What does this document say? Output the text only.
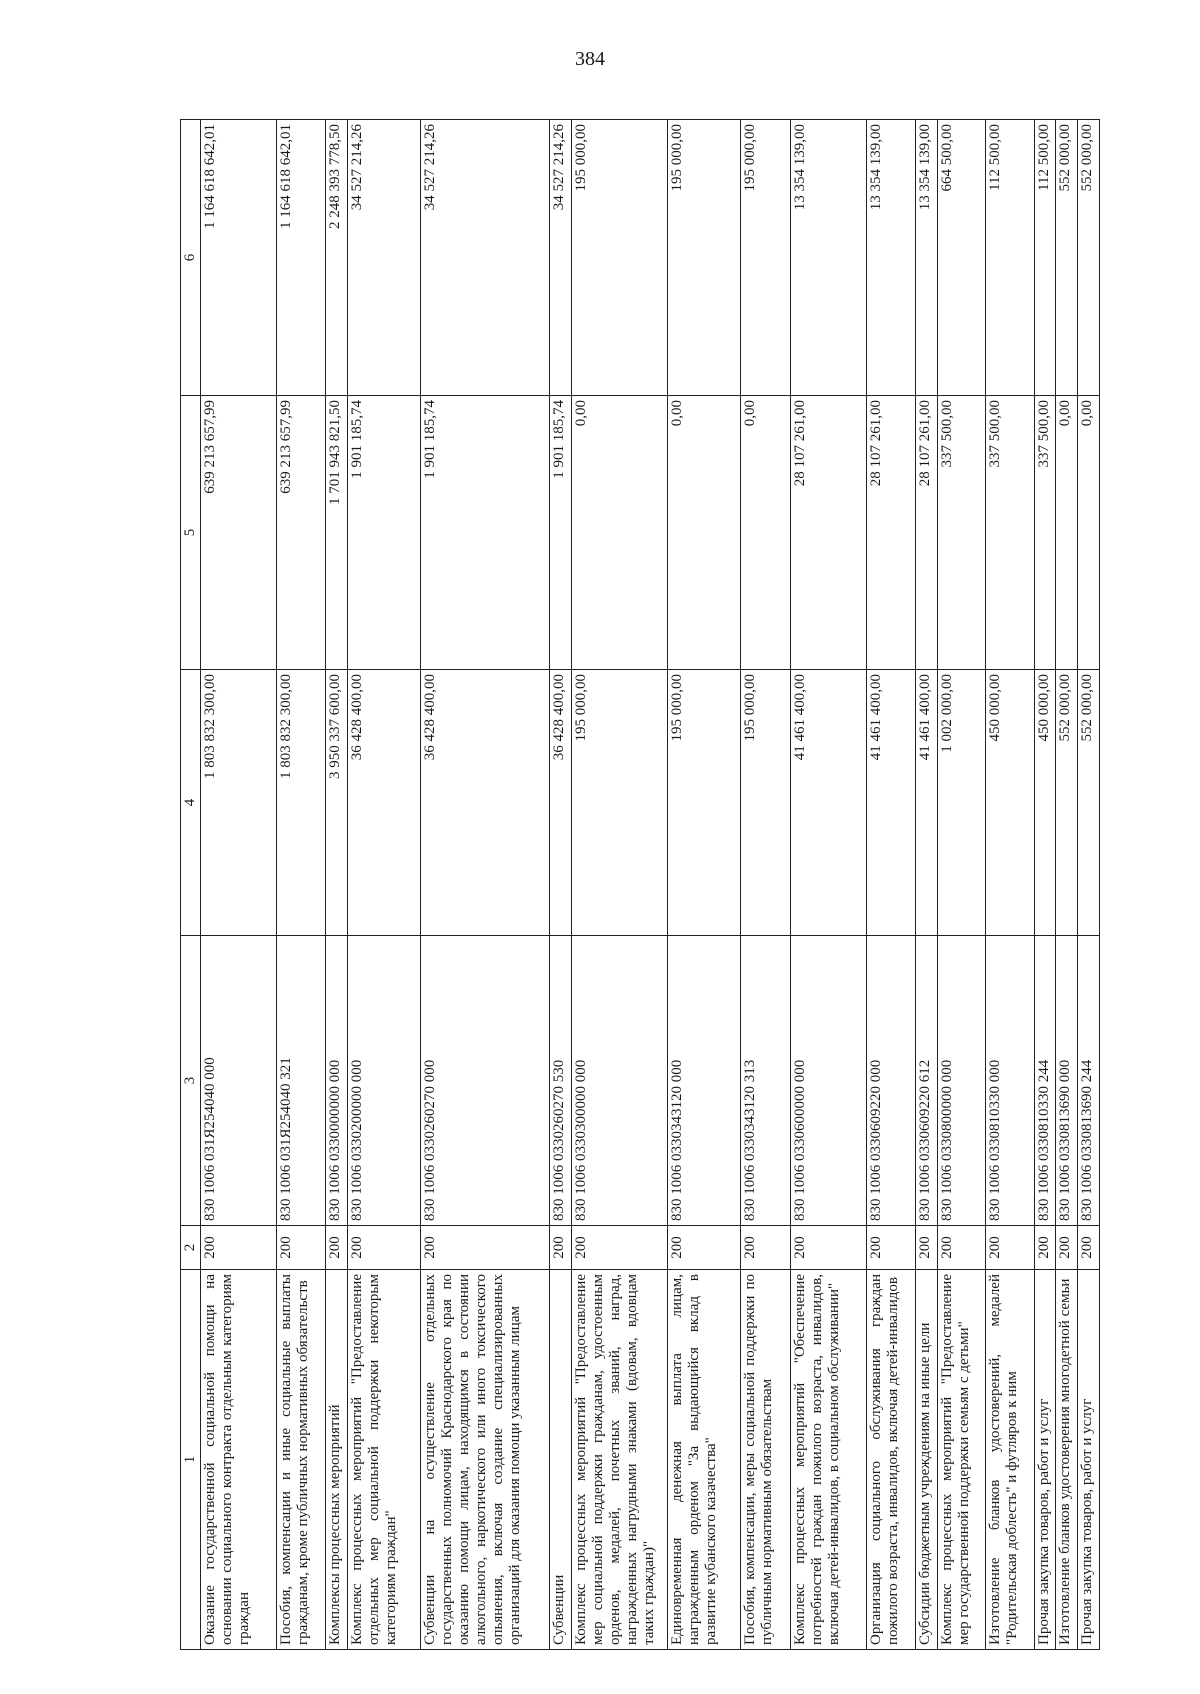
384
1	2	3	4	5	6
Оказание государственной социальной помощи на основании социального контракта отдельным категориям граждан	200	830 1006 031Я254040 000	1 803 832 300,00	639 213 657,99	1 164 618 642,01
Пособия, компенсации и иные социальные выплаты гражданам, кроме публичных нормативных обязательств	200	830 1006 031Я254040 321	1 803 832 300,00	639 213 657,99	1 164 618 642,01
Комплексы процессных мероприятий	200	830 1006 0330000000 000	3 950 337 600,00	1 701 943 821,50	2 248 393 778,50
Комплекс процессных мероприятий "Предоставление отдельных мер социальной поддержки некоторым категориям граждан"	200	830 1006 0330200000 000	36 428 400,00	1 901 185,74	34 527 214,26
Субвенции на осуществление отдельных государственных полномочий Краснодарского края по оказанию помощи лицам, находящимся в состоянии алкогольного, наркотического или иного токсического опьянения, включая создание специализированных организаций для оказания помощи указанным лицам	200	830 1006 0330260270 000	36 428 400,00	1 901 185,74	34 527 214,26
Субвенции	200	830 1006 0330260270 530	36 428 400,00	1 901 185,74	34 527 214,26
Комплекс процессных мероприятий "Предоставление мер социальной поддержки гражданам, удостоенным орденов, медалей, почетных званий, наград, награжденных нагрудными знаками (вдовам, вдовцам таких граждан)"	200	830 1006 0330300000 000	195 000,00	0,00	195 000,00
Единовременная денежная выплата лицам, награжденным орденом "За выдающийся вклад в развитие кубанского казачества"	200	830 1006 0330343120 000	195 000,00	0,00	195 000,00
Пособия, компенсации, меры социальной поддержки по публичным нормативным обязательствам	200	830 1006 0330343120 313	195 000,00	0,00	195 000,00
Комплекс процессных мероприятий "Обеспечение потребностей граждан пожилого возраста, инвалидов, включая детей-инвалидов, в социальном обслуживании"	200	830 1006 0330600000 000	41 461 400,00	28 107 261,00	13 354 139,00
Организация социального обслуживания граждан пожилого возраста, инвалидов, включая детей-инвалидов	200	830 1006 0330609220 000	41 461 400,00	28 107 261,00	13 354 139,00
Субсидии бюджетным учреждениям на иные цели	200	830 1006 0330609220 612	41 461 400,00	28 107 261,00	13 354 139,00
Комплекс процессных мероприятий "Предоставление мер государственной поддержки семьям с детьми"	200	830 1006 0330800000 000	1 002 000,00	337 500,00	664 500,00
Изготовление бланков удостоверений, медалей "Родительская доблесть" и футляров к ним	200	830 1006 0330810330 000	450 000,00	337 500,00	112 500,00
Прочая закупка товаров, работ и услуг	200	830 1006 0330810330 244	450 000,00	337 500,00	112 500,00
Изготовление бланков удостоверения многодетной семьи	200	830 1006 0330813690 000	552 000,00	0,00	552 000,00
Прочая закупка товаров, работ и услуг	200	830 1006 0330813690 244	552 000,00	0,00	552 000,00
